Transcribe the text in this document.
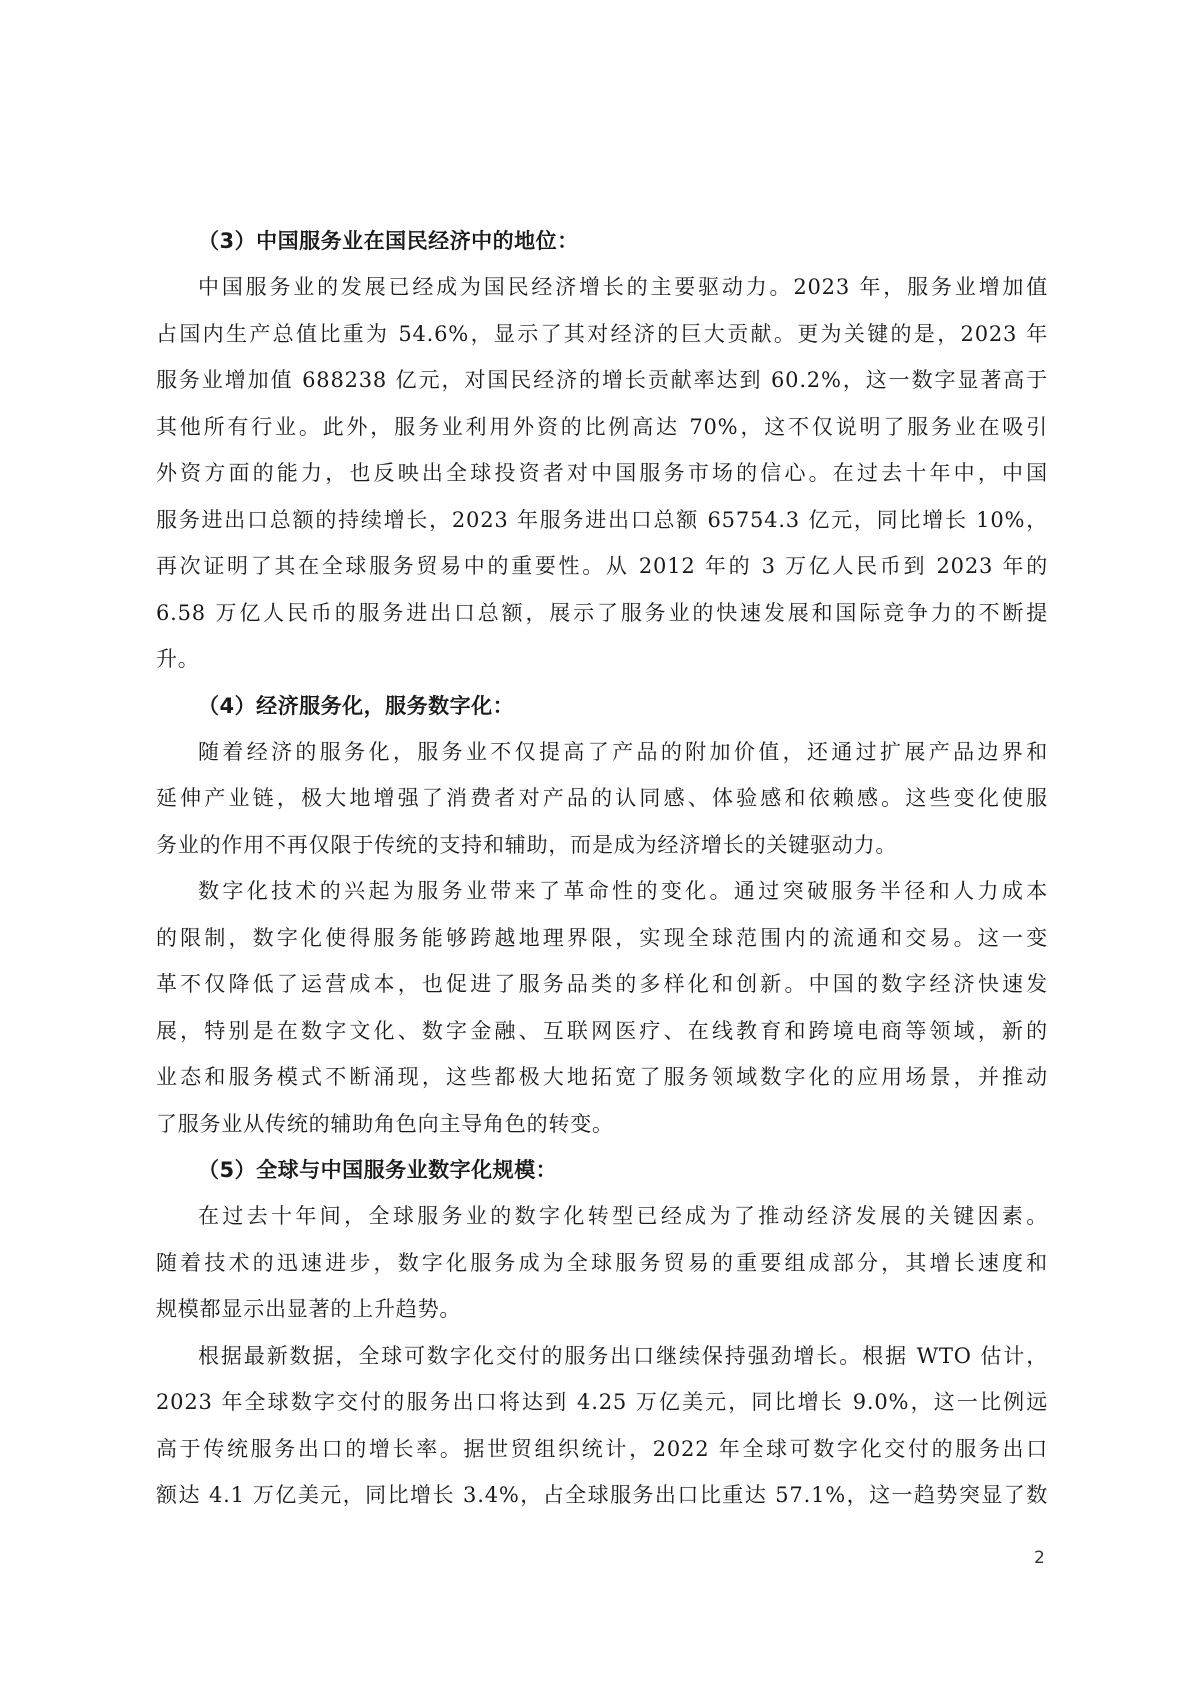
（3）中国服务业在国民经济中的地位：
中国服务业的发展已经成为国民经济增长的主要驱动力。2023 年，服务业增加值
占国内生产总值比重为 54.6%，显示了其对经济的巨大贡献。更为关键的是，2023 年
服务业增加值 688238 亿元，对国民经济的增长贡献率达到 60.2%，这一数字显著高于
其他所有行业。此外，服务业利用外资的比例高达 70%，这不仅说明了服务业在吸引
外资方面的能力，也反映出全球投资者对中国服务市场的信心。在过去十年中，中国
服务进出口总额的持续增长，2023 年服务进出口总额 65754.3 亿元，同比增长 10%，
再次证明了其在全球服务贸易中的重要性。从 2012 年的 3 万亿人民币到 2023 年的
6.58 万亿人民币的服务进出口总额，展示了服务业的快速发展和国际竞争力的不断提
升。
（4）经济服务化，服务数字化：
随着经济的服务化，服务业不仅提高了产品的附加价值，还通过扩展产品边界和
延伸产业链，极大地增强了消费者对产品的认同感、体验感和依赖感。这些变化使服
务业的作用不再仅限于传统的支持和辅助，而是成为经济增长的关键驱动力。
数字化技术的兴起为服务业带来了革命性的变化。通过突破服务半径和人力成本
的限制，数字化使得服务能够跨越地理界限，实现全球范围内的流通和交易。这一变
革不仅降低了运营成本，也促进了服务品类的多样化和创新。中国的数字经济快速发
展，特别是在数字文化、数字金融、互联网医疗、在线教育和跨境电商等领域，新的
业态和服务模式不断涌现，这些都极大地拓宽了服务领域数字化的应用场景，并推动
了服务业从传统的辅助角色向主导角色的转变。
（5）全球与中国服务业数字化规模：
在过去十年间，全球服务业的数字化转型已经成为了推动经济发展的关键因素。
随着技术的迅速进步，数字化服务成为全球服务贸易的重要组成部分，其增长速度和
规模都显示出显著的上升趋势。
根据最新数据，全球可数字化交付的服务出口继续保持强劲增长。根据 WTO 估计，
2023 年全球数字交付的服务出口将达到 4.25 万亿美元，同比增长 9.0%，这一比例远
高于传统服务出口的增长率。据世贸组织统计，2022 年全球可数字化交付的服务出口
额达 4.1 万亿美元，同比增长 3.4%，占全球服务出口比重达 57.1%，这一趋势突显了数
2
